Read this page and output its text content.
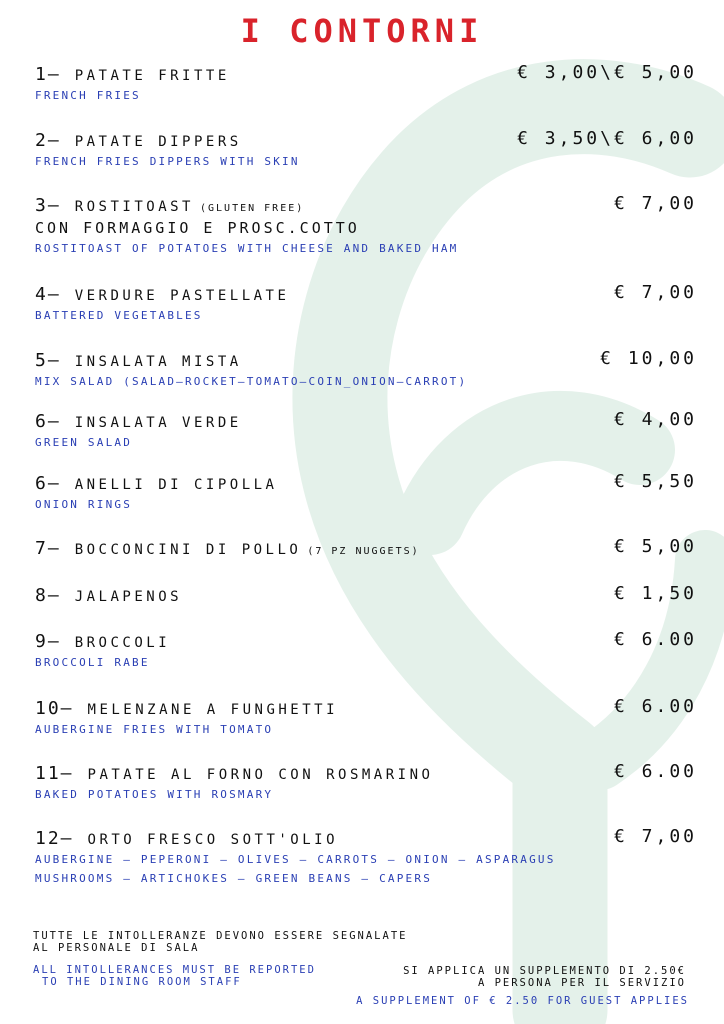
I CONTORNI
1– PATATE FRITTE	€ 3,00\€ 5,00
FRENCH FRIES
2– PATATE DIPPERS	€ 3,50\€ 6,00
FRENCH FRIES DIPPERS WITH SKIN
3– ROSTITOAST (GLUTEN FREE)	€ 7,00
CON FORMAGGIO E PROSC.COTTO
ROSTITOAST OF POTATOES WITH CHEESE AND BAKED HAM
4– VERDURE PASTELLATE	€ 7,00
BATTERED VEGETABLES
5– INSALATA MISTA	€ 10,00
MIX SALAD (SALAD–ROCKET–TOMATO–COIN_ONION–CARROT)
6– INSALATA VERDE	€ 4,00
GREEN SALAD
6– ANELLI DI CIPOLLA	€ 5,50
ONION RINGS
7– BOCCONCINI DI POLLO (7 PZ NUGGETS)	€ 5,00
8– JALAPENOS	€ 1,50
9– BROCCOLI	€ 6.00
BROCCOLI RABE
10– MELENZANE A FUNGHETTI	€ 6.00
AUBERGINE FRIES WITH TOMATO
11– PATATE AL FORNO CON ROSMARINO	€ 6.00
BAKED POTATOES WITH ROSMARY
12– ORTO FRESCO SOTT'OLIO	€ 7,00
AUBERGINE – PEPERONI – OLIVES – CARROTS – ONION – ASPARAGUS
MUSHROOMS – ARTICHOKES – GREEN BEANS – CAPERS
TUTTE LE INTOLLERANZE DEVONO ESSERE SEGNALATE
AL PERSONALE DI SALA
ALL INTOLLERANCES MUST BE REPORTED
TO THE DINING ROOM STAFF
SI APPLICA UN SUPPLEMENTO DI 2.50€
A PERSONA PER IL SERVIZIO
A SUPPLEMENT OF € 2.50 FOR GUEST APPLIES
